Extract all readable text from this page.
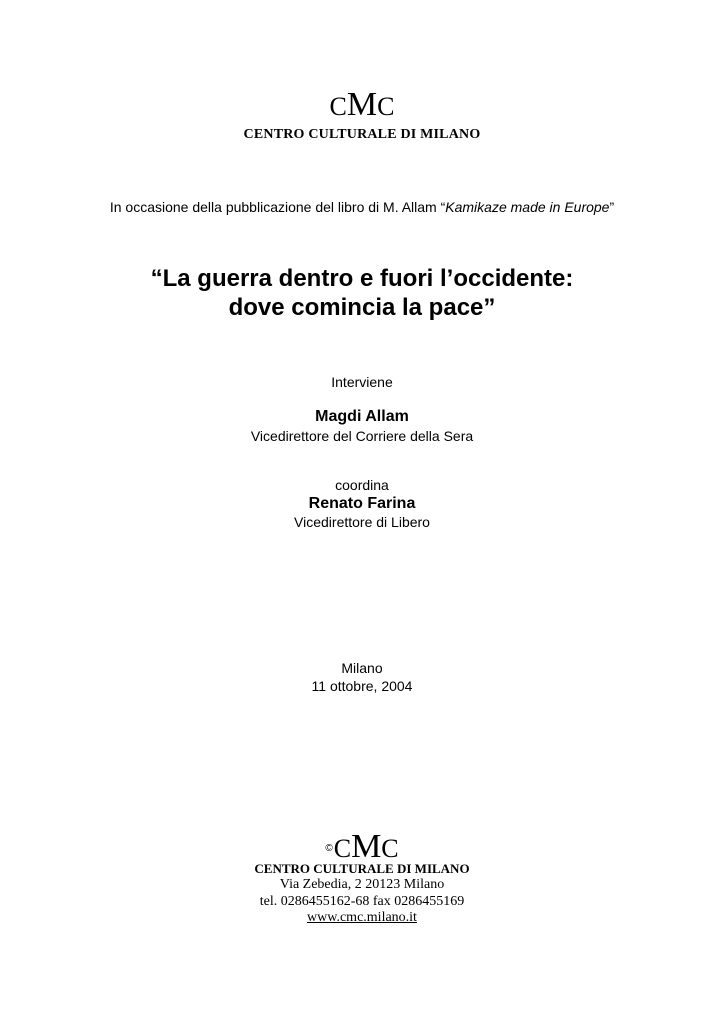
CMC
CENTRO CULTURALE DI MILANO
In occasione della pubblicazione del libro di M. Allam “Kamikaze made in Europe”
“La guerra dentro e fuori l’occidente:
dove comincia la pace”
Interviene
Magdi Allam
Vicedirettore del Corriere della Sera
coordina
Renato Farina
Vicedirettore di Libero
Milano
11 ottobre, 2004
©CMC
CENTRO CULTURALE DI MILANO
Via Zebedia, 2 20123 Milano
tel. 0286455162-68 fax 0286455169
www.cmc.milano.it
